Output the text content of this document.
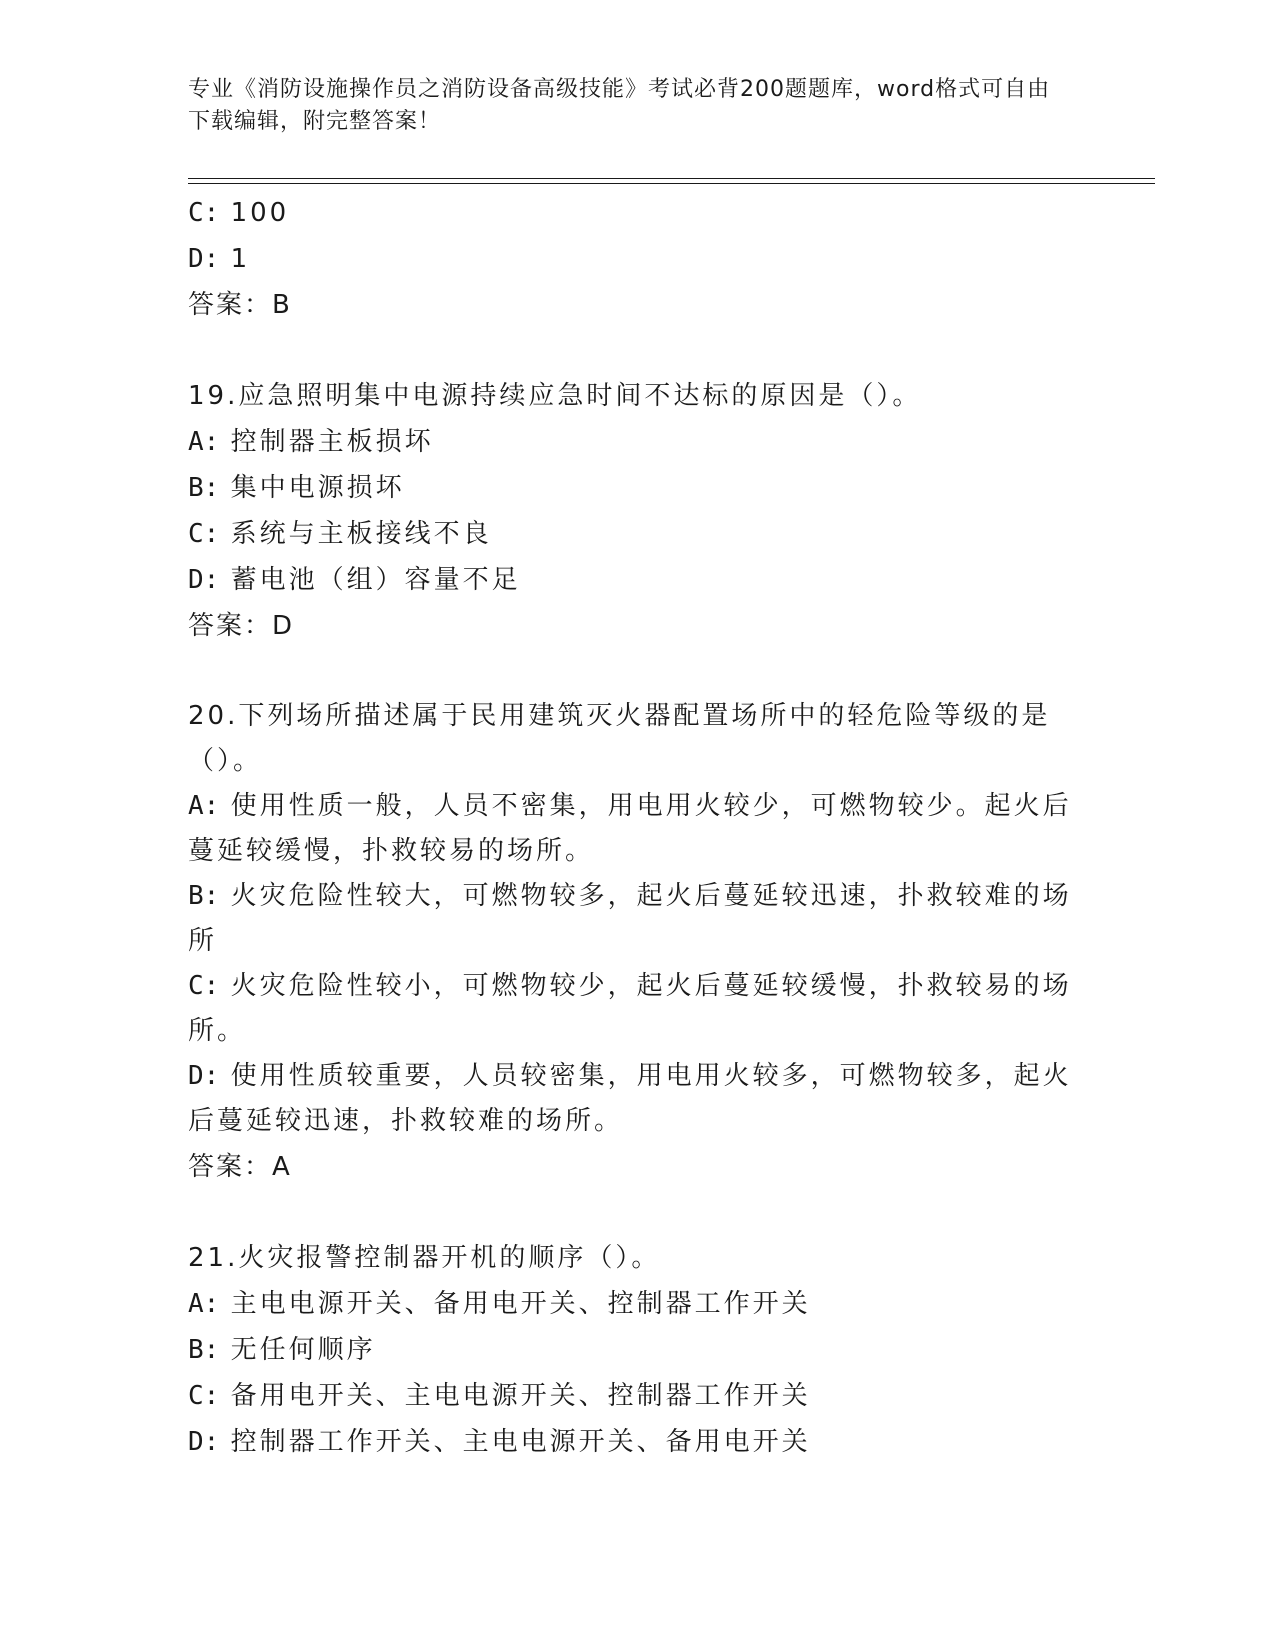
专业《消防设施操作员之消防设备高级技能》考试必背200题题库，word格式可自由下载编辑，附完整答案！
C: 100
D: 1
答案：B
19.应急照明集中电源持续应急时间不达标的原因是（）。
A: 控制器主板损坏
B: 集中电源损坏
C: 系统与主板接线不良
D: 蓄电池（组）容量不足
答案：D
20.下列场所描述属于民用建筑灭火器配置场所中的轻危险等级的是（）。
A: 使用性质一般，人员不密集，用电用火较少，可燃物较少。起火后蔓延较缓慢，扑救较易的场所。
B: 火灾危险性较大，可燃物较多，起火后蔓延较迅速，扑救较难的场所
C: 火灾危险性较小，可燃物较少，起火后蔓延较缓慢，扑救较易的场所。
D: 使用性质较重要，人员较密集，用电用火较多，可燃物较多，起火后蔓延较迅速，扑救较难的场所。
答案：A
21.火灾报警控制器开机的顺序（）。
A: 主电电源开关、备用电开关、控制器工作开关
B: 无任何顺序
C: 备用电开关、主电电源开关、控制器工作开关
D: 控制器工作开关、主电电源开关、备用电开关
